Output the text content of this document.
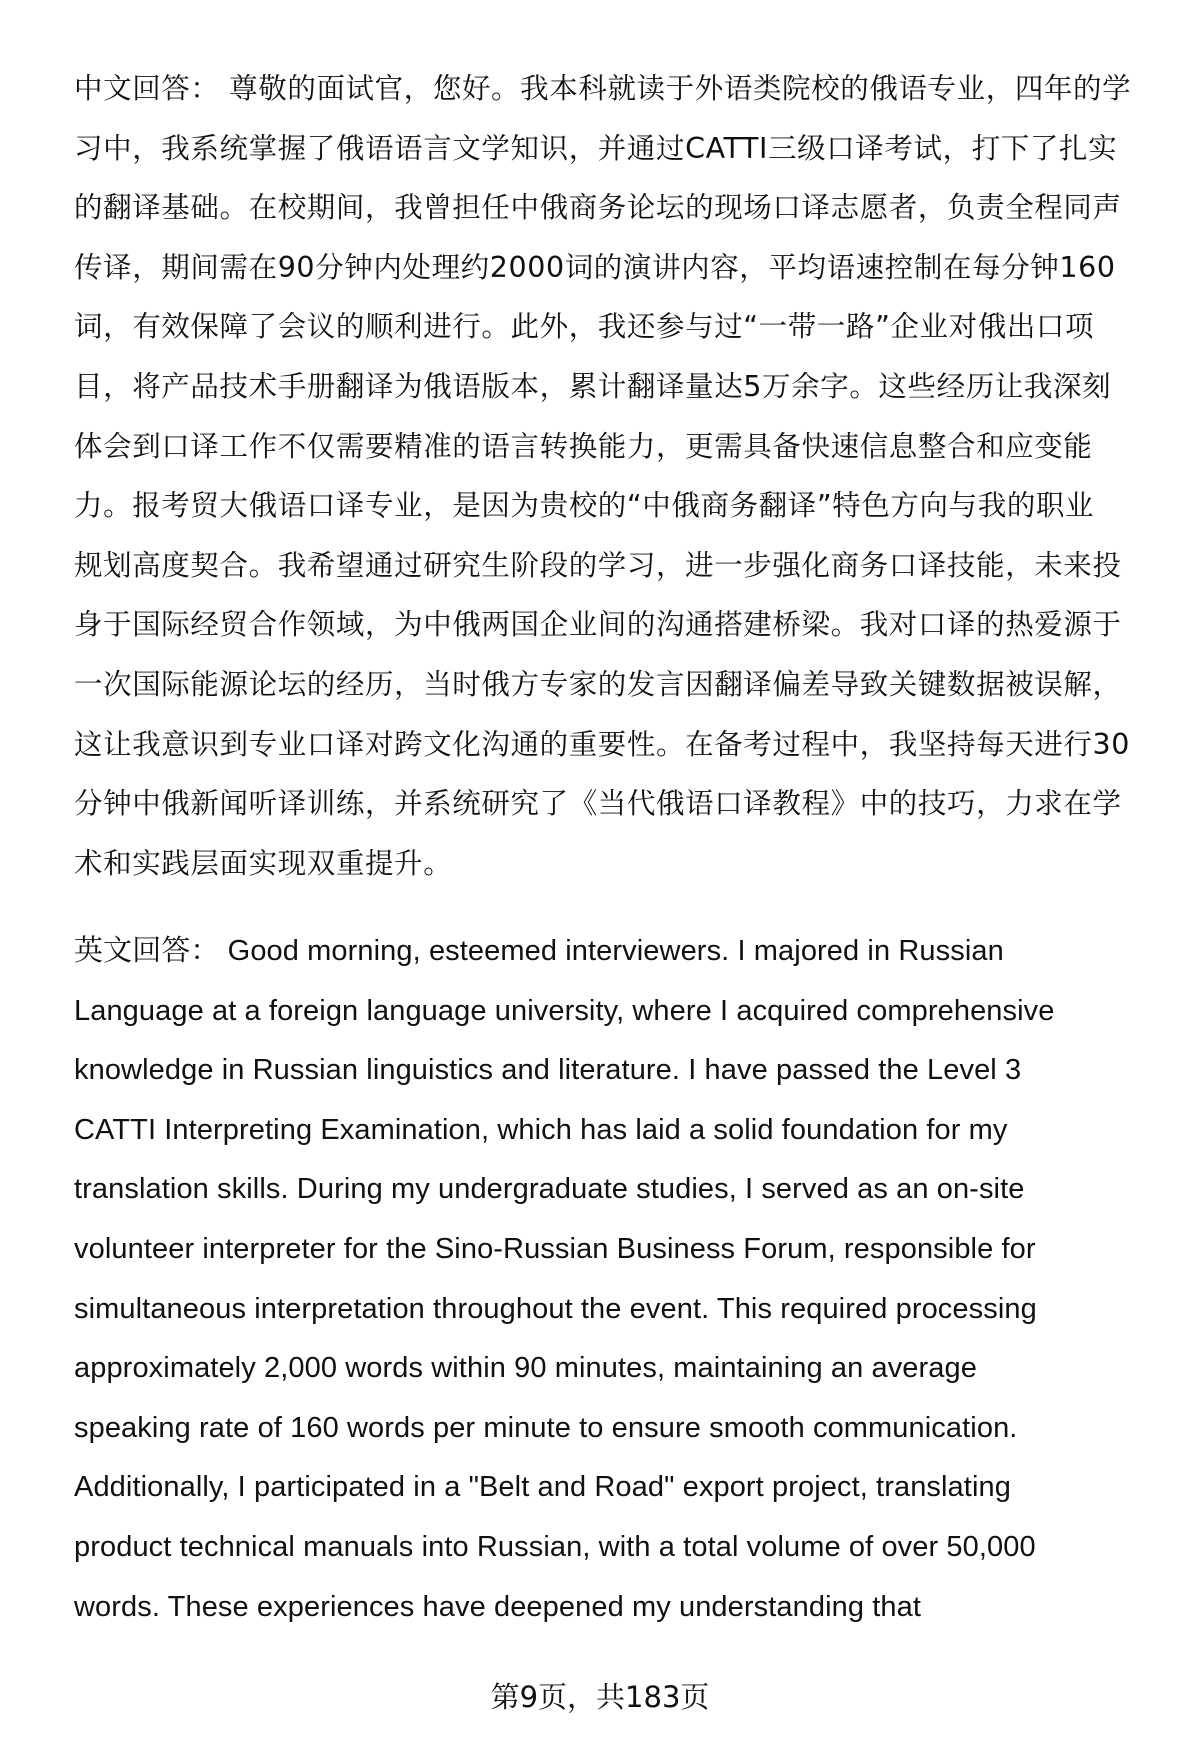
中文回答： 尊敬的面试官，您好。我本科就读于外语类院校的俄语专业，四年的学
习中，我系统掌握了俄语语言文学知识，并通过CATTI三级口译考试，打下了扎实
的翻译基础。在校期间，我曾担任中俄商务论坛的现场口译志愿者，负责全程同声
传译，期间需在90分钟内处理约2000词的演讲内容，平均语速控制在每分钟160
词，有效保障了会议的顺利进行。此外，我还参与过“一带一路”企业对俄出口项
目，将产品技术手册翻译为俄语版本，累计翻译量达5万余字。这些经历让我深刻
体会到口译工作不仅需要精准的语言转换能力，更需具备快速信息整合和应变能
力。报考贸大俄语口译专业，是因为贵校的“中俄商务翻译”特色方向与我的职业
规划高度契合。我希望通过研究生阶段的学习，进一步强化商务口译技能，未来投
身于国际经贸合作领域，为中俄两国企业间的沟通搭建桥梁。我对口译的热爱源于
一次国际能源论坛的经历，当时俄方专家的发言因翻译偏差导致关键数据被误解，
这让我意识到专业口译对跨文化沟通的重要性。在备考过程中，我坚持每天进行30
分钟中俄新闻听译训练，并系统研究了《当代俄语口译教程》中的技巧，力求在学
术和实践层面实现双重提升。
英文回答： Good morning, esteemed interviewers. I majored in Russian
Language at a foreign language university, where I acquired comprehensive
knowledge in Russian linguistics and literature. I have passed the Level 3
CATTI Interpreting Examination, which has laid a solid foundation for my
translation skills. During my undergraduate studies, I served as an on-site
volunteer interpreter for the Sino-Russian Business Forum, responsible for
simultaneous interpretation throughout the event. This required processing
approximately 2,000 words within 90 minutes, maintaining an average
speaking rate of 160 words per minute to ensure smooth communication.
Additionally, I participated in a "Belt and Road" export project, translating
product technical manuals into Russian, with a total volume of over 50,000
words. These experiences have deepened my understanding that
第9页，共183页
